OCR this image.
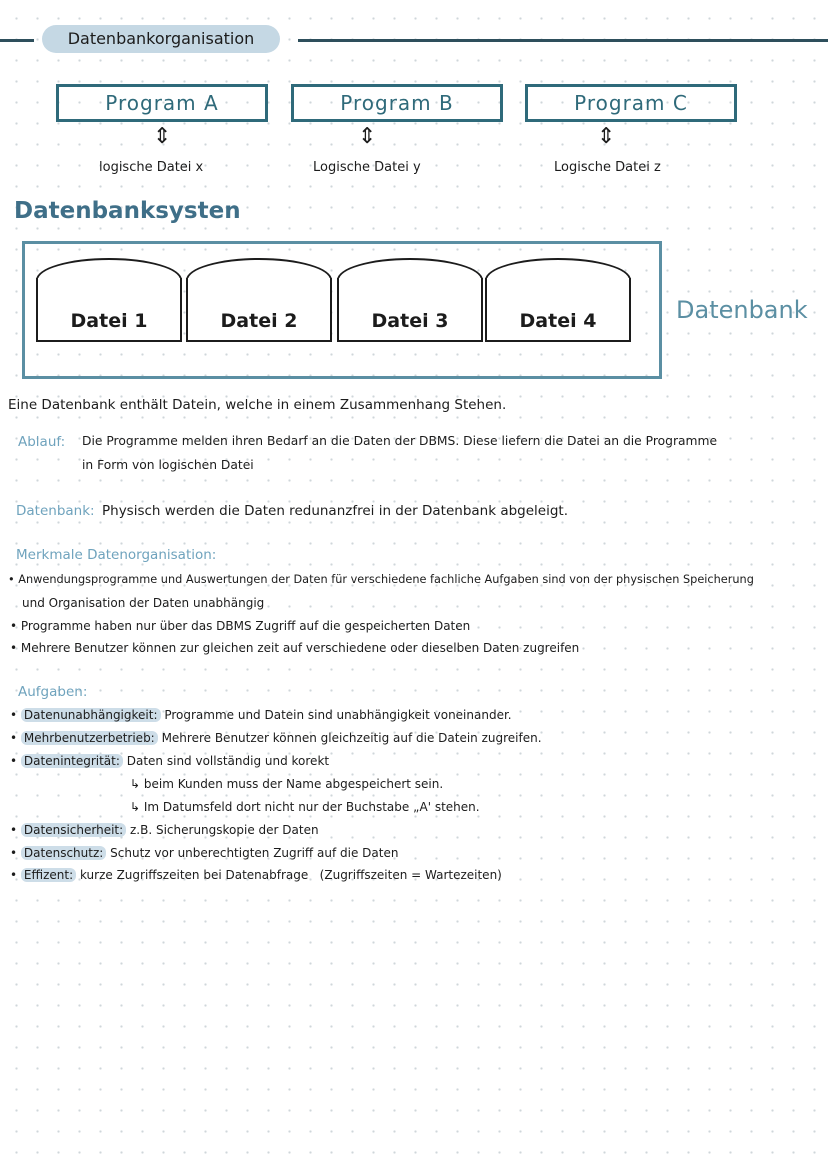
Datenbankorganisation
Program A	Program B	Program C
⇕	⇕	⇕
logische Datei x	Logische Datei y	Logische Datei z
Datenbanksysten
Datei 1	Datei 2	Datei 3	Datei 4	Datenbank
Eine Datenbank enthält Datein, welche in einem Zusammenhang Stehen.
Ablauf: Die Programme melden ihren Bedarf an die Daten der DBMS. Diese liefern die Datei an die Programme
in Form von logischen Datei
Datenbank: Physisch werden die Daten redunanzfrei in der Datenbank abgeleigt.
Merkmale Datenorganisation:
• Anwendungsprogramme und Auswertungen der Daten für verschiedene fachliche Aufgaben sind von der physischen Speicherung
und Organisation der Daten unabhängig
• Programme haben nur über das DBMS Zugriff auf die gespeicherten Daten
• Mehrere Benutzer können zur gleichen zeit auf verschiedene oder dieselben Daten zugreifen
Aufgaben:
• Datenunabhängigkeit: Programme und Datein sind unabhängigkeit voneinander.
• Mehrbenutzerbetrieb: Mehrere Benutzer können gleichzeitig auf die Datein zugreifen.
• Datenintegrität: Daten sind vollständig und korekt
↳ beim Kunden muss der Name abgespeichert sein.
↳ Im Datumsfeld dort nicht nur der Buchstabe „A' stehen.
• Datensicherheit: z.B. Sicherungskopie der Daten
• Datenschutz: Schutz vor unberechtigten Zugriff auf die Daten
• Effizent: kurze Zugriffszeiten bei Datenabfrage   (Zugriffszeiten = Wartezeiten)
